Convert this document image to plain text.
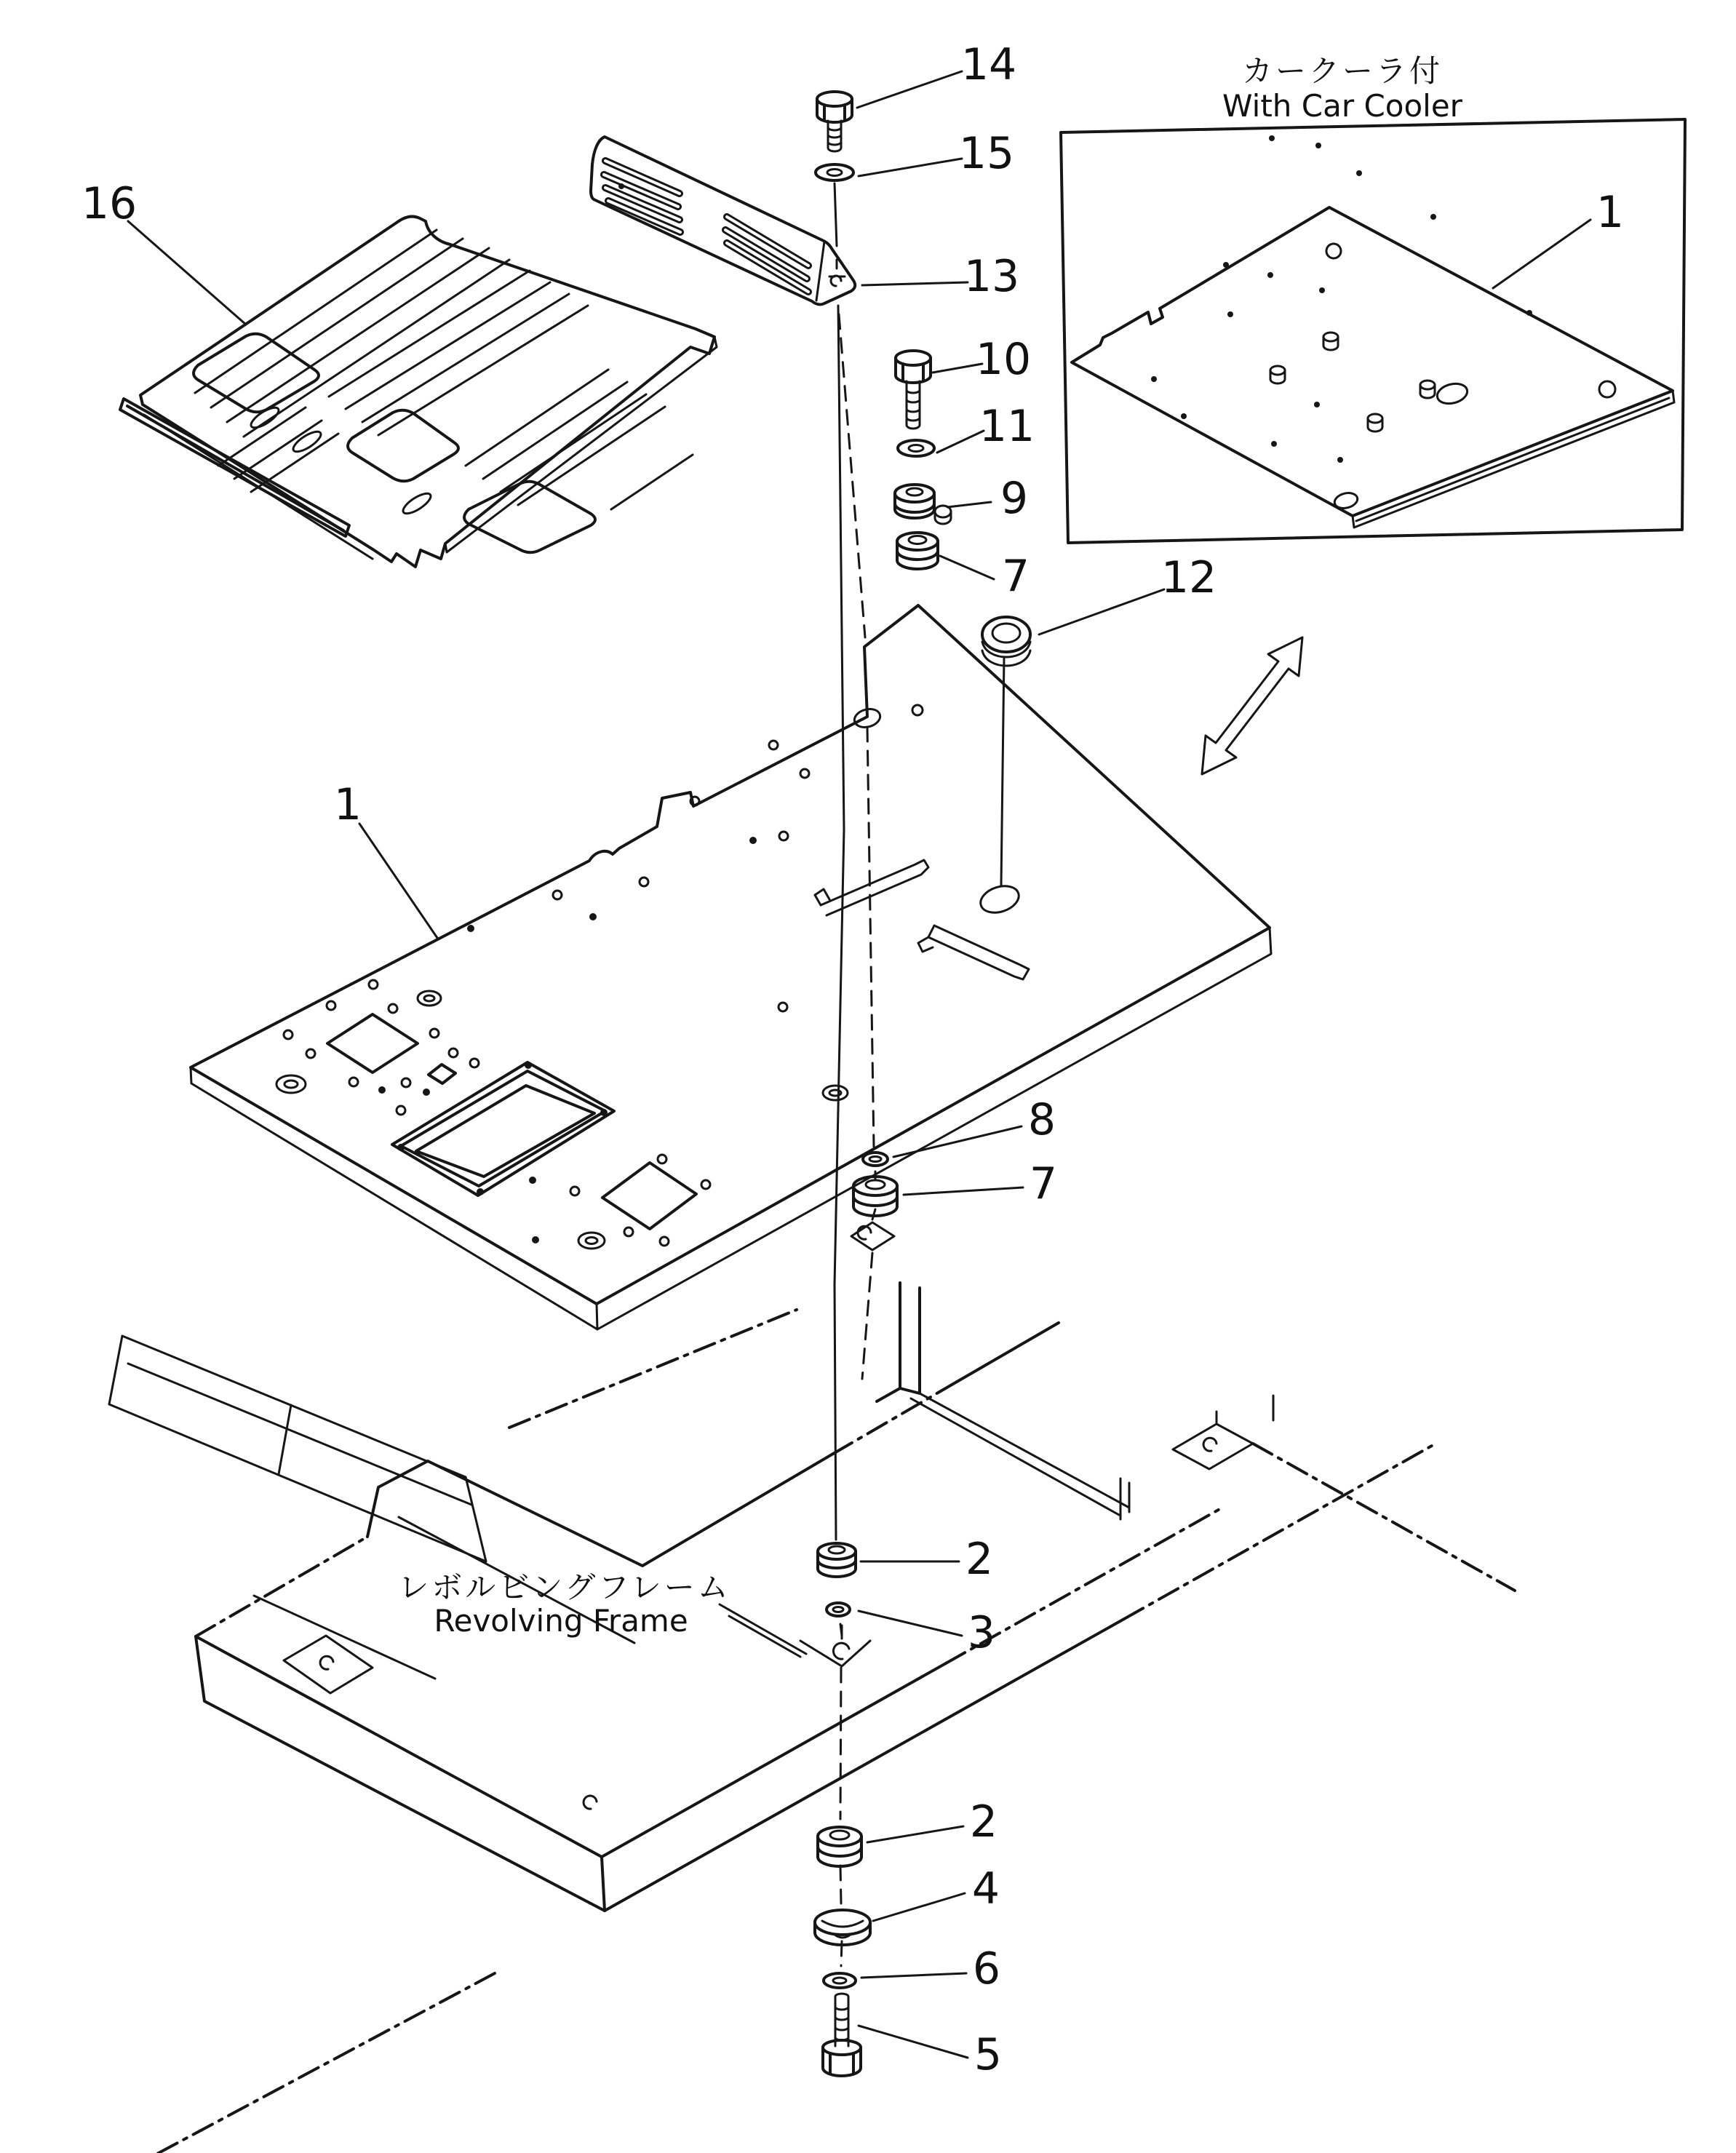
カークーラ付
With Car Cooler
レボルビングフレーム
Revolving Frame
16
14
15
13
10
11
9
7	12
1
1
8
7
2
3
2
4
6
5
